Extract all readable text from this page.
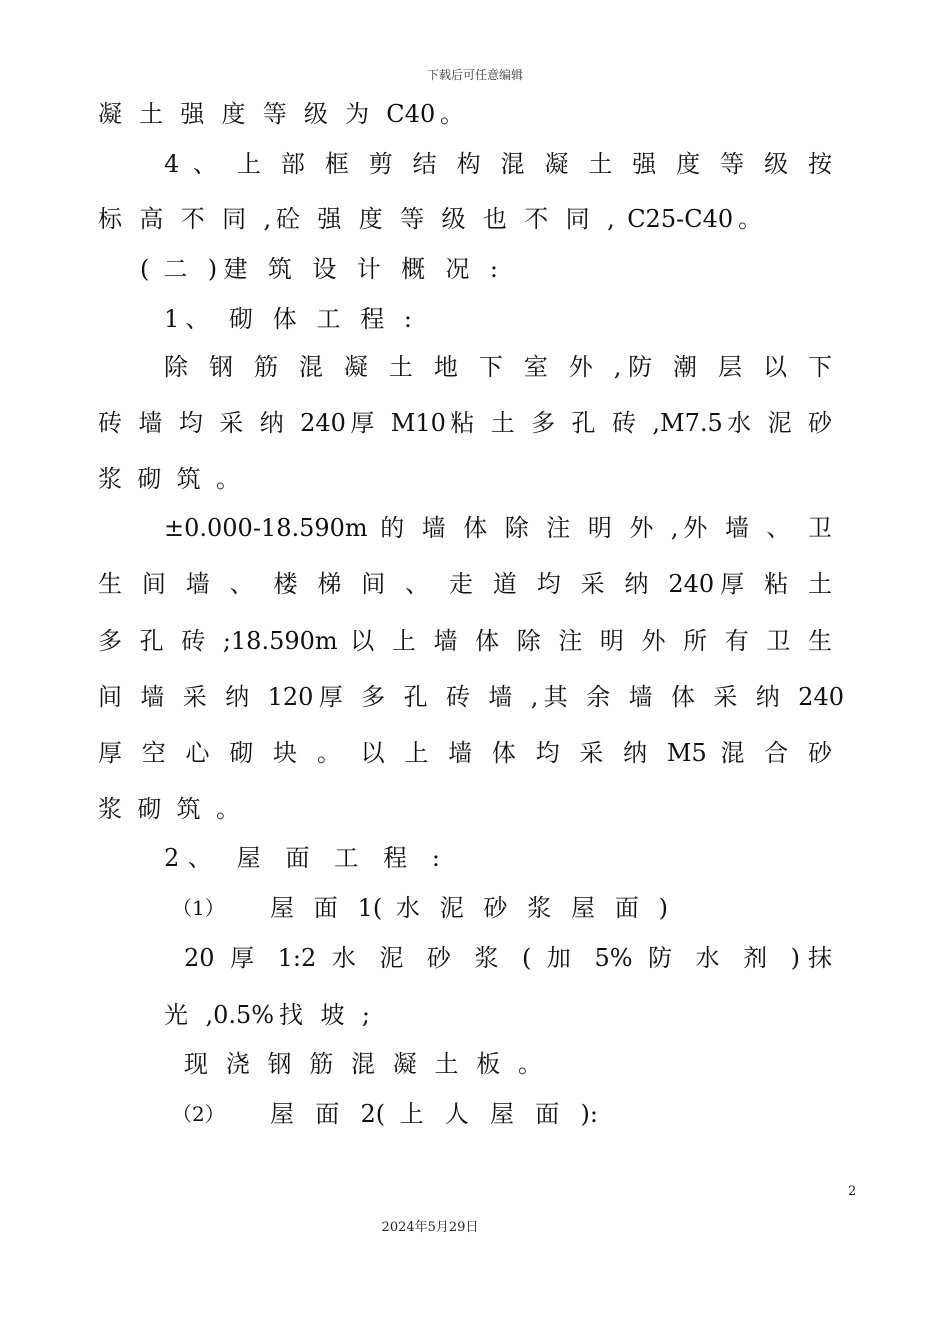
下载后可任意编辑
凝 土 强 度 等 级 为 C40。
4 、 上 部 框 剪 结 构 混 凝 土 强 度 等 级 按
标 高 不 同 ,砼 强 度 等 级 也 不 同 , C25-C40。
( 二 )建 筑 设 计 概 况 :
1、 砌 体 工 程 :
除 钢 筋 混 凝 土 地 下 室 外 ,防 潮 层 以 下
砖 墙 均 采 纳 240厚 M10粘 土 多 孔 砖 ,M7.5水 泥 砂
浆 砌 筑 。
±0.000-18.590m 的 墙 体 除 注 明 外 ,外 墙 、 卫
生 间 墙 、 楼 梯 间 、 走 道 均 采 纳 240厚 粘 土
多 孔 砖 ;18.590m 以 上 墙 体 除 注 明 外 所 有 卫 生
间 墙 采 纳 120厚 多 孔 砖 墙 ,其 余 墙 体 采 纳 240
厚 空 心 砌 块 。 以 上 墙 体 均 采 纳 M5 混 合 砂
浆 砌 筑 。
2、 屋 面 工 程 :
（1） 屋 面 1( 水 泥 砂 浆 屋 面 )
20 厚 1:2 水 泥 砂 浆 ( 加 5% 防 水 剂 )抹
光 ,0.5%找 坡 ;
现 浇 钢 筋 混 凝 土 板 。
（2） 屋 面 2( 上 人 屋 面 ):
2
2024年5月29日
